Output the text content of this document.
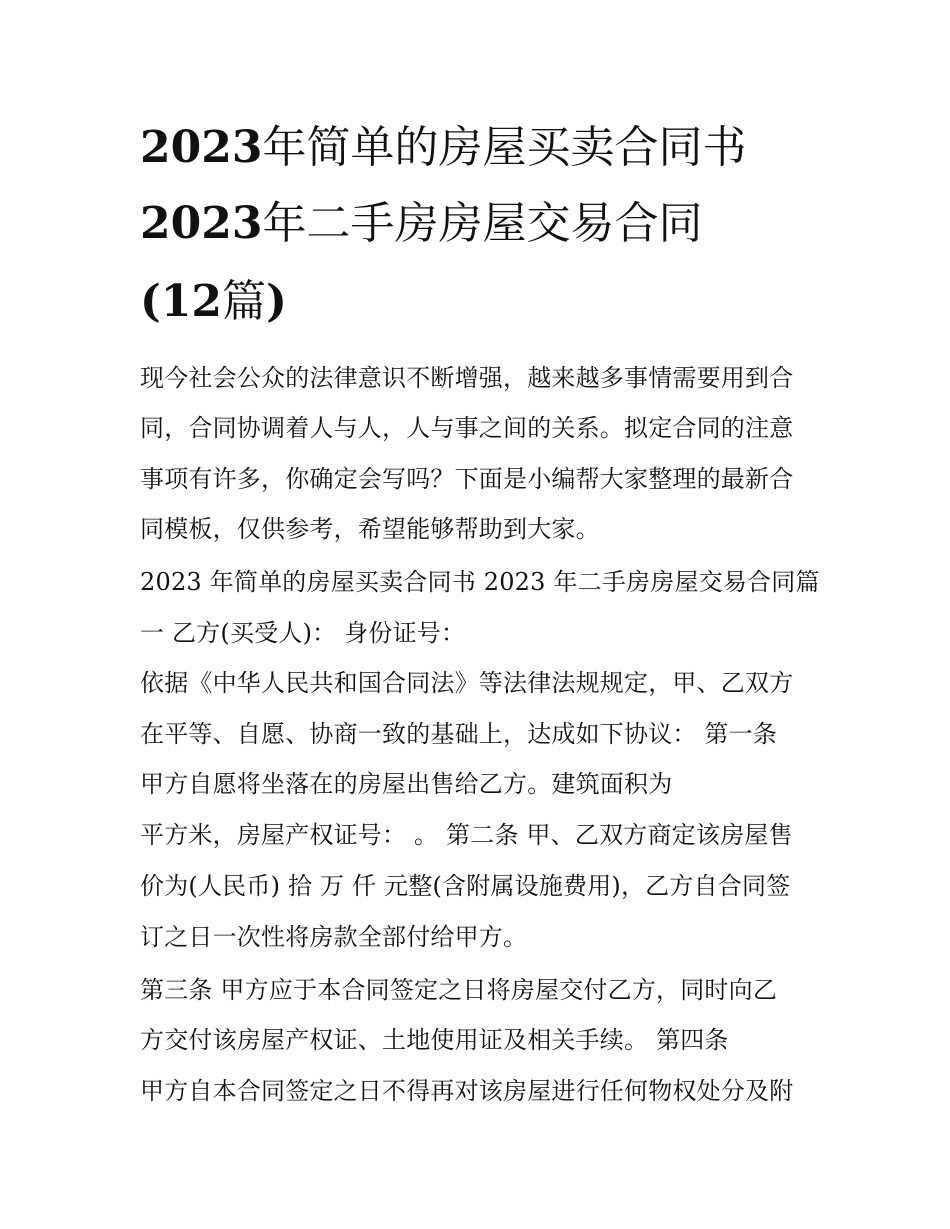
2023年简单的房屋买卖合同书
2023年二手房房屋交易合同
(12篇)
现今社会公众的法律意识不断增强，越来越多事情需要用到合
同，合同协调着人与人，人与事之间的关系。拟定合同的注意
事项有许多，你确定会写吗？下面是小编帮大家整理的最新合
同模板，仅供参考，希望能够帮助到大家。
2023 年简单的房屋买卖合同书 2023 年二手房房屋交易合同篇
一 乙方(买受人)： 身份证号：
依据《中华人民共和国合同法》等法律法规规定，甲、乙双方
在平等、自愿、协商一致的基础上，达成如下协议： 第一条
甲方自愿将坐落在的房屋出售给乙方。建筑面积为
平方米，房屋产权证号： 。 第二条 甲、乙双方商定该房屋售
价为(人民币) 拾 万 仟 元整(含附属设施费用)，乙方自合同签
订之日一次性将房款全部付给甲方。
第三条 甲方应于本合同签定之日将房屋交付乙方，同时向乙
方交付该房屋产权证、土地使用证及相关手续。 第四条
甲方自本合同签定之日不得再对该房屋进行任何物权处分及附
